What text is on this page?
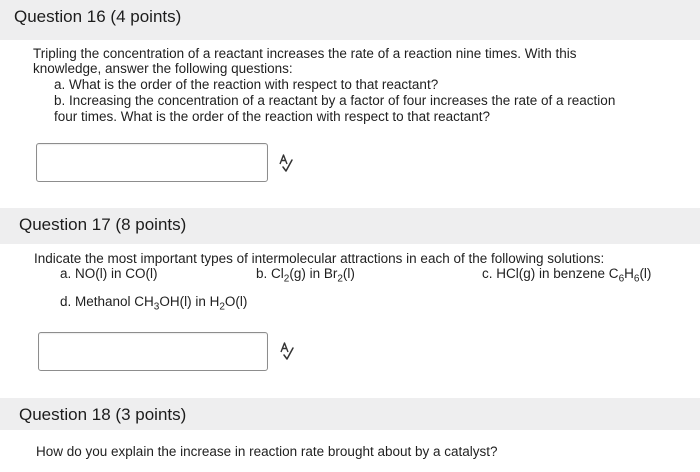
Question 16 (4 points)
Tripling the concentration of a reactant increases the rate of a reaction nine times. With this
knowledge, answer the following questions:
a. What is the order of the reaction with respect to that reactant?
b. Increasing the concentration of a reactant by a factor of four increases the rate of a reaction
four times. What is the order of the reaction with respect to that reactant?
Question 17 (8 points)
Indicate the most important types of intermolecular attractions in each of the following solutions:
a. NO(l) in CO(l)	b. $Cl_2(g)$ in $Br_2(l)$	c. HCl(g) in benzene $C_6H_6(l)$
d. Methanol $CH_3OH(l)$ in $H_2O(l)$
Question 18 (3 points)
How do you explain the increase in reaction rate brought about by a catalyst?
